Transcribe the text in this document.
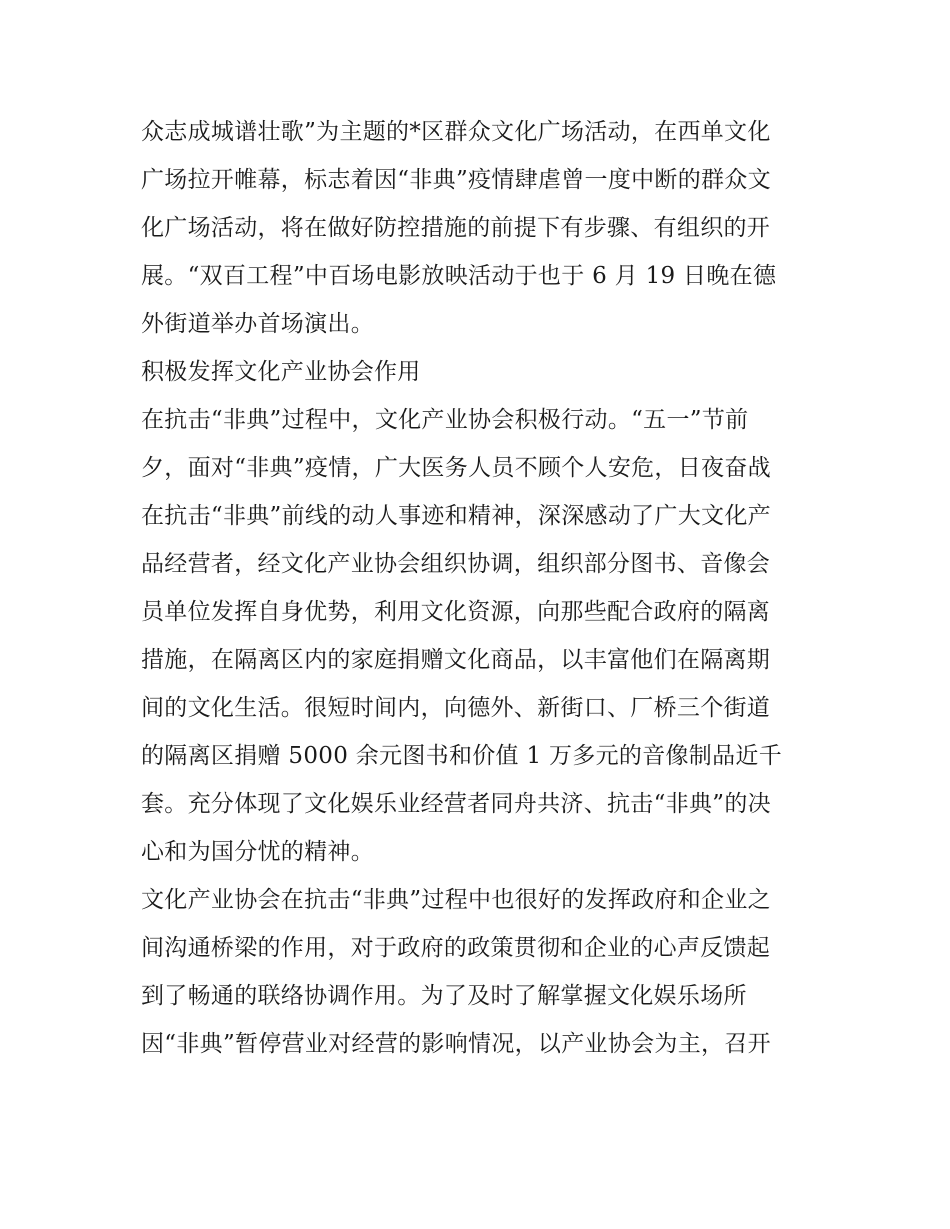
众志成城谱壮歌”为主题的*区群众文化广场活动，在西单文化
广场拉开帷幕，标志着因“非典”疫情肆虐曾一度中断的群众文
化广场活动，将在做好防控措施的前提下有步骤、有组织的开
展。“双百工程”中百场电影放映活动于也于 6 月 19 日晚在德
外街道举办首场演出。
积极发挥文化产业协会作用
在抗击“非典”过程中，文化产业协会积极行动。“五一”节前
夕，面对“非典”疫情，广大医务人员不顾个人安危，日夜奋战
在抗击“非典”前线的动人事迹和精神，深深感动了广大文化产
品经营者，经文化产业协会组织协调，组织部分图书、音像会
员单位发挥自身优势，利用文化资源，向那些配合政府的隔离
措施，在隔离区内的家庭捐赠文化商品，以丰富他们在隔离期
间的文化生活。很短时间内，向德外、新街口、厂桥三个街道
的隔离区捐赠 5000 余元图书和价值 1 万多元的音像制品近千
套。充分体现了文化娱乐业经营者同舟共济、抗击“非典”的决
心和为国分忧的精神。
文化产业协会在抗击“非典”过程中也很好的发挥政府和企业之
间沟通桥梁的作用，对于政府的政策贯彻和企业的心声反馈起
到了畅通的联络协调作用。为了及时了解掌握文化娱乐场所
因“非典”暂停营业对经营的影响情况，以产业协会为主，召开
